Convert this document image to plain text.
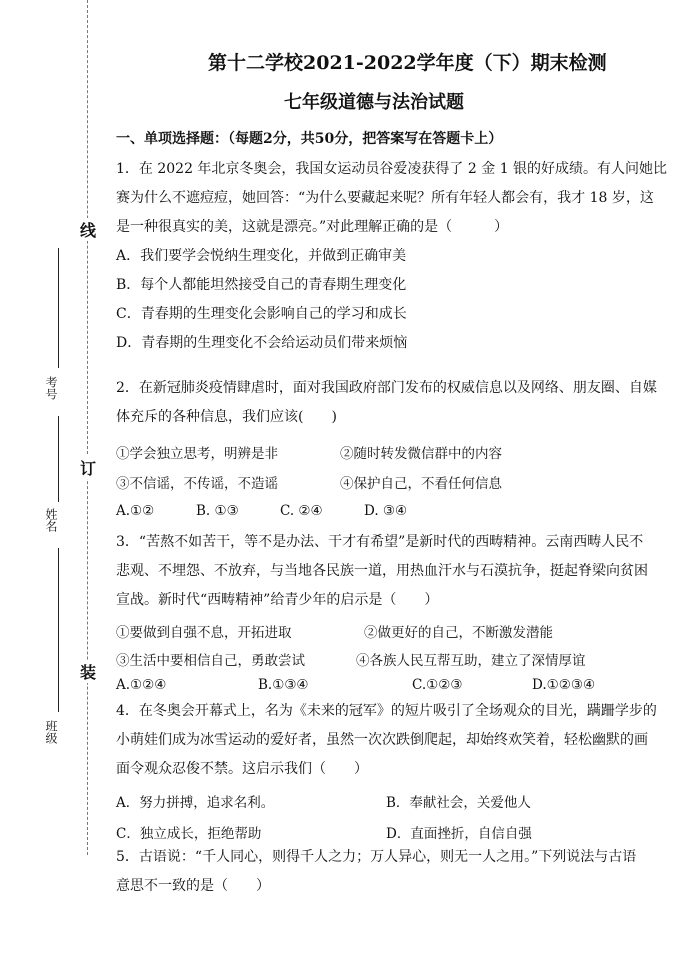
线
订
装
考号
姓名
班级
第十二学校2021-2022学年度（下）期末检测
七年级道德与法治试题
一、单项选择题：（每题2分，共50分，把答案写在答题卡上）
1．在 2022 年北京冬奥会，我国女运动员谷爱凌获得了 2 金 1 银的好成绩。有人问她比
赛为什么不遮痘痘，她回答：“为什么要藏起来呢？所有年轻人都会有，我才 18 岁，这
是一种很真实的美，这就是漂亮。”对此理解正确的是（　　　）
A．我们要学会悦纳生理变化，并做到正确审美
B．每个人都能坦然接受自己的青春期生理变化
C．青春期的生理变化会影响自己的学习和成长
D．青春期的生理变化不会给运动员们带来烦恼
2．在新冠肺炎疫情肆虐时，面对我国政府部门发布的权威信息以及网络、朋友圈、自媒
体充斥的各种信息，我们应该(　　)
①学会独立思考，明辨是非	②随时转发微信群中的内容
③不信谣，不传谣，不造谣	④保护自己，不看任何信息
A.①②	B. ①③	C. ②④	D. ③④
3．“苦熬不如苦干，等不是办法、干才有希望”是新时代的西畴精神。云南西畴人民不
悲观、不埋怨、不放弃，与当地各民族一道，用热血汗水与石漠抗争，挺起脊梁向贫困
宣战。新时代“西畴精神”给青少年的启示是（　　）
①要做到自强不息，开拓进取	②做更好的自己，不断激发潜能
③生活中要相信自己，勇敢尝试	④各族人民互帮互助，建立了深情厚谊
A.①②④	B.①③④	C.①②③	D.①②③④
4．在冬奥会开幕式上，名为《未来的冠军》的短片吸引了全场观众的目光，蹒跚学步的
小萌娃们成为冰雪运动的爱好者，虽然一次次跌倒爬起，却始终欢笑着，轻松幽默的画
面令观众忍俊不禁。这启示我们（　　）
A．努力拼搏，追求名利。	B．奉献社会，关爱他人
C．独立成长，拒绝帮助	D．直面挫折，自信自强
5．古语说：“千人同心，则得千人之力；万人异心，则无一人之用。”下列说法与古语
意思不一致的是（　　）
